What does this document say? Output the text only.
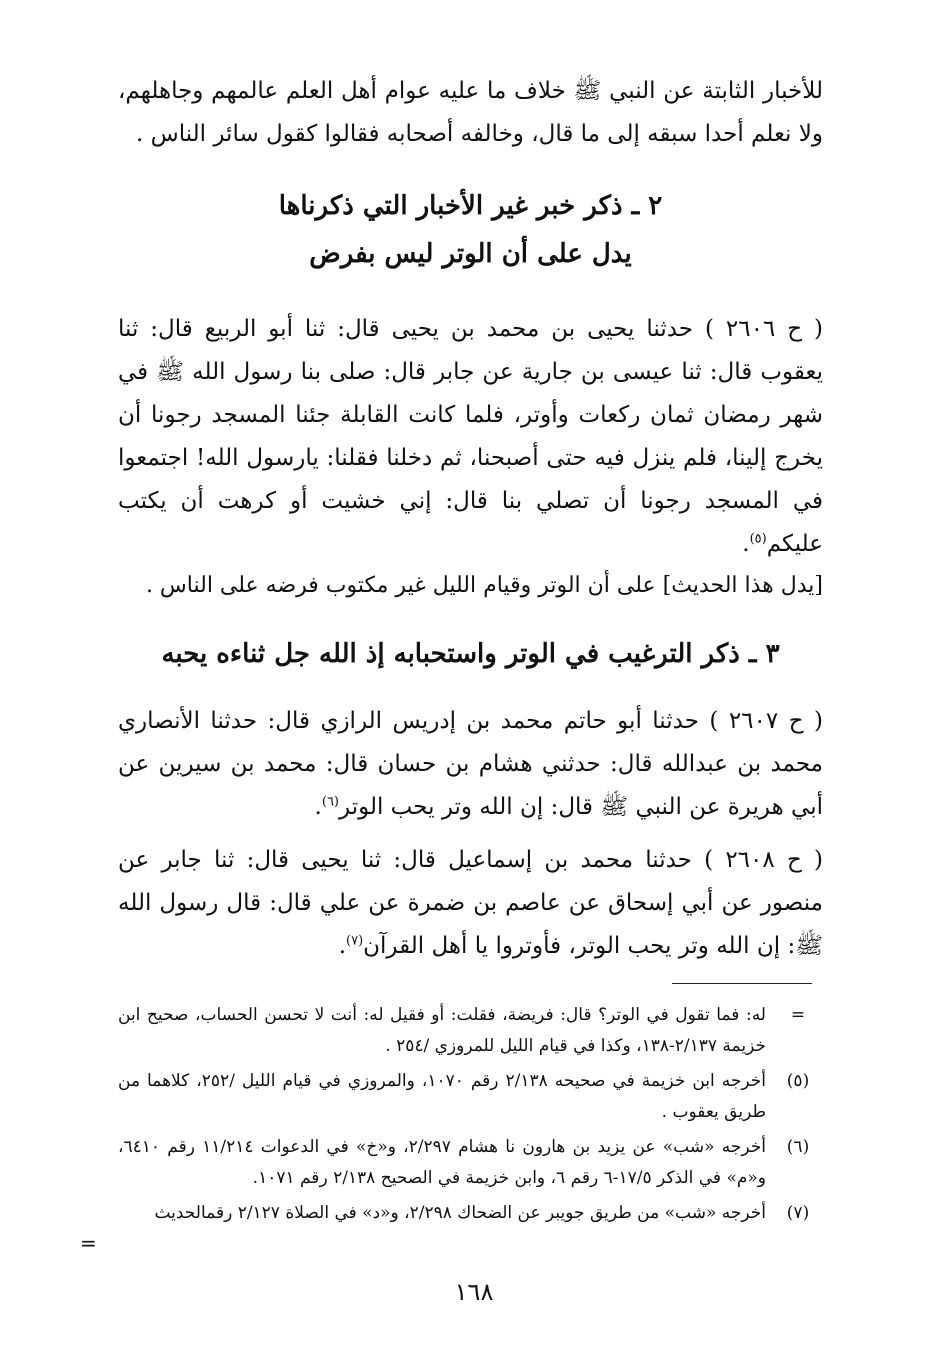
للأخبار الثابتة عن النبي ﷺ خلاف ما عليه عوام أهل العلم عالمهم وجاهلهم، ولا نعلم أحدا سبقه إلى ما قال، وخالفه أصحابه فقالوا كقول سائر الناس .

٢ ـ ذكر خبر غير الأخبار التي ذكرناها
يدل على أن الوتر ليس بفرض

( ح ٢٦٠٦ ) حدثنا يحيى بن محمد بن يحيى قال: ثنا أبو الربيع قال: ثنا يعقوب قال: ثنا عيسى بن جارية عن جابر قال: صلى بنا رسول الله ﷺ في شهر رمضان ثمان ركعات وأوتر، فلما كانت القابلة جئنا المسجد رجونا أن يخرج إلينا، فلم ينزل فيه حتى أصبحنا، ثم دخلنا فقلنا: يارسول الله! اجتمعوا في المسجد رجونا أن تصلي بنا قال: إني خشيت أو كرهت أن يكتب عليكم$^{(٥)}$.

[يدل هذا الحديث] على أن الوتر وقيام الليل غير مكتوب فرضه على الناس .

٣ ـ ذكر الترغيب في الوتر واستحبابه إذ الله جل ثناءه يحبه

( ح ٢٦٠٧ ) حدثنا أبو حاتم محمد بن إدريس الرازي قال: حدثنا الأنصاري محمد بن عبدالله قال: حدثني هشام بن حسان قال: محمد بن سيرين عن أبي هريرة عن النبي ﷺ قال: إن الله وتر يحب الوتر$^{(٦)}$.

( ح ٢٦٠٨ ) حدثنا محمد بن إسماعيل قال: ثنا يحيى قال: ثنا جابر عن منصور عن أبي إسحاق عن عاصم بن ضمرة عن علي قال: قال رسول الله ﷺ: إن الله وتر يحب الوتر، فأوتروا يا أهل القرآن$^{(٧)}$.

=
له: فما تقول في الوتر؟ قال: فريضة، فقلت: أو فقيل له: أنت لا تحسن الحساب، صحيح ابن خزيمة ٢/١٣٧-١٣٨، وكذا في قيام الليل للمروزي /٢٥٤ .
(٥)
أخرجه ابن خزيمة في صحيحه ٢/١٣٨ رقم ١٠٧٠، والمروزي في قيام الليل /٢٥٢، كلاهما من طريق يعقوب .
(٦)
أخرجه «شب» عن يزيد بن هارون نا هشام ٢/٢٩٧، و«خ» في الدعوات ١١/٢١٤ رقم ٦٤١٠، و«م» في الذكر ١٧/٥-٦ رقم ٦، وابن خزيمة في الصحيح ٢/١٣٨ رقم ١٠٧١.
(٧)
أخرجه «شب» من طريق جويبر عن الضحاك ٢/٢٩٨، و«د» في الصلاة ٢/١٢٧ رقمالحديث
=
١٦٨
